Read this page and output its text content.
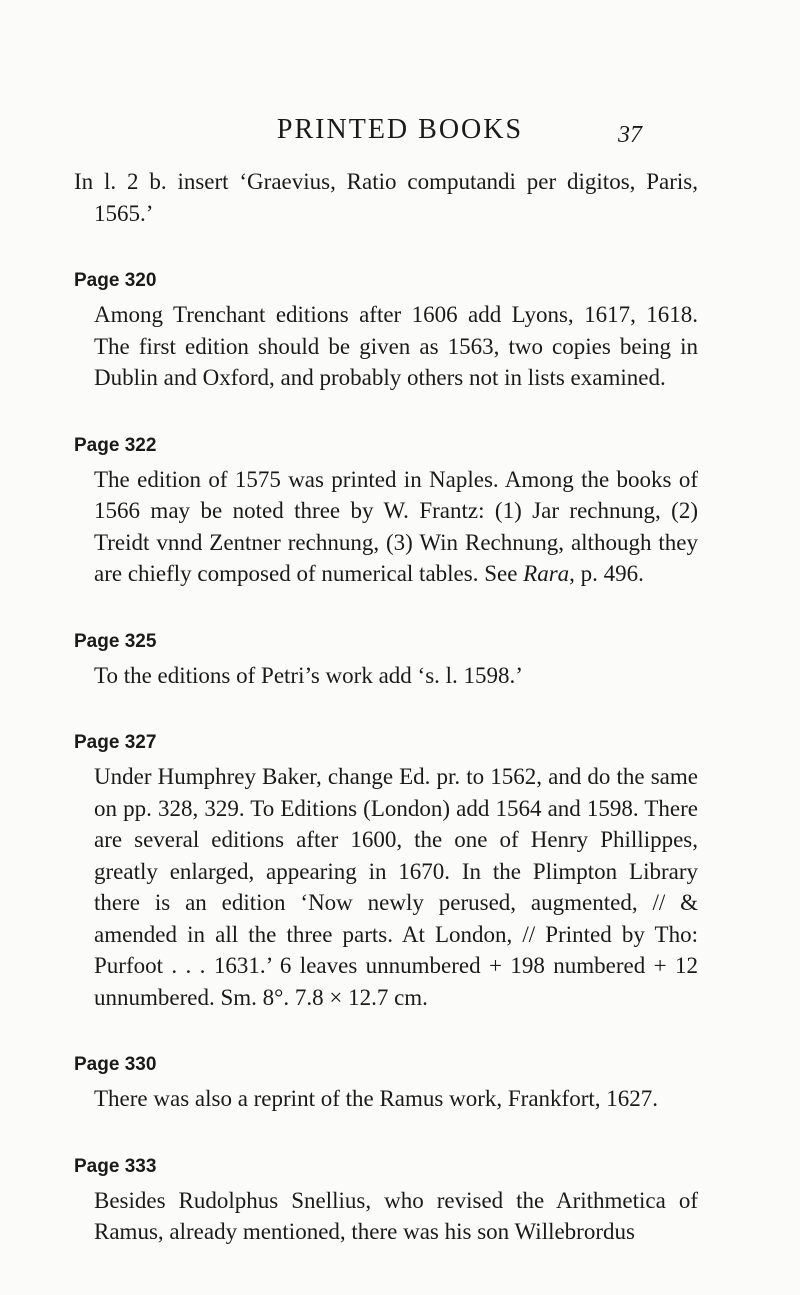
PRINTED BOOKS	37

In l. 2 b. insert ‘Graevius, Ratio computandi per digitos, Paris, 1565.’

Page 320

Among Trenchant editions after 1606 add Lyons, 1617, 1618. The first edition should be given as 1563, two copies being in Dublin and Oxford, and probably others not in lists examined.

Page 322

The edition of 1575 was printed in Naples. Among the books of 1566 may be noted three by W. Frantz: (1) Jar rechnung, (2) Treidt vnnd Zentner rechnung, (3) Win Rechnung, although they are chiefly composed of numerical tables. See Rara, p. 496.

Page 325

To the editions of Petri’s work add ‘s. l. 1598.’

Page 327

Under Humphrey Baker, change Ed. pr. to 1562, and do the same on pp. 328, 329. To Editions (London) add 1564 and 1598. There are several editions after 1600, the one of Henry Phillippes, greatly enlarged, appearing in 1670. In the Plimpton Library there is an edition ‘Now newly perused, augmented, // & amended in all the three parts. At London, // Printed by Tho: Purfoot . . . 1631.’ 6 leaves unnumbered + 198 numbered + 12 unnumbered. Sm. 8°. 7.8 × 12.7 cm.

Page 330

There was also a reprint of the Ramus work, Frankfort, 1627.

Page 333

Besides Rudolphus Snellius, who revised the Arithmetica of Ramus, already mentioned, there was his son Willebrordus
